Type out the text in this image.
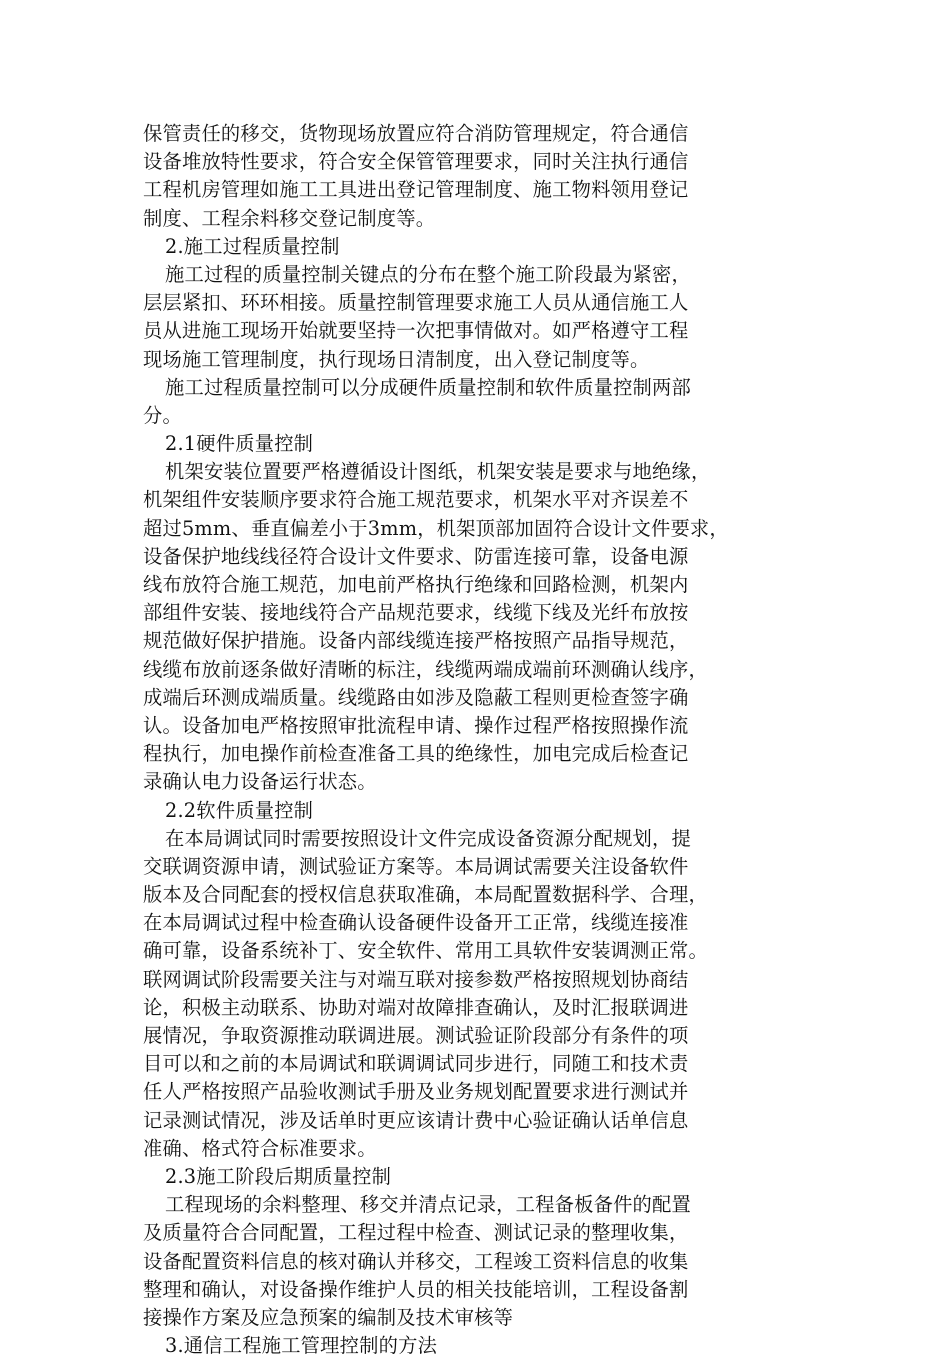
保管责任的移交，货物现场放置应符合消防管理规定，符合通信
设备堆放特性要求，符合安全保管管理要求，同时关注执行通信
工程机房管理如施工工具进出登记管理制度、施工物料领用登记
制度、工程余料移交登记制度等。
2.施工过程质量控制
施工过程的质量控制关键点的分布在整个施工阶段最为紧密，
层层紧扣、环环相接。质量控制管理要求施工人员从通信施工人
员从进施工现场开始就要坚持一次把事情做对。如严格遵守工程
现场施工管理制度，执行现场日清制度，出入登记制度等。
施工过程质量控制可以分成硬件质量控制和软件质量控制两部
分。
2.1硬件质量控制
机架安装位置要严格遵循设计图纸，机架安装是要求与地绝缘，
机架组件安装顺序要求符合施工规范要求，机架水平对齐误差不
超过5mm、垂直偏差小于3mm，机架顶部加固符合设计文件要求，
设备保护地线线径符合设计文件要求、防雷连接可靠，设备电源
线布放符合施工规范，加电前严格执行绝缘和回路检测，机架内
部组件安装、接地线符合产品规范要求，线缆下线及光纤布放按
规范做好保护措施。设备内部线缆连接严格按照产品指导规范，
线缆布放前逐条做好清晰的标注，线缆两端成端前环测确认线序，
成端后环测成端质量。线缆路由如涉及隐蔽工程则更检查签字确
认。设备加电严格按照审批流程申请、操作过程严格按照操作流
程执行，加电操作前检查准备工具的绝缘性，加电完成后检查记
录确认电力设备运行状态。
2.2软件质量控制
在本局调试同时需要按照设计文件完成设备资源分配规划，提
交联调资源申请，测试验证方案等。本局调试需要关注设备软件
版本及合同配套的授权信息获取准确，本局配置数据科学、合理，
在本局调试过程中检查确认设备硬件设备开工正常，线缆连接准
确可靠，设备系统补丁、安全软件、常用工具软件安装调测正常。
联网调试阶段需要关注与对端互联对接参数严格按照规划协商结
论，积极主动联系、协助对端对故障排查确认，及时汇报联调进
展情况，争取资源推动联调进展。测试验证阶段部分有条件的项
目可以和之前的本局调试和联调调试同步进行，同随工和技术责
任人严格按照产品验收测试手册及业务规划配置要求进行测试并
记录测试情况，涉及话单时更应该请计费中心验证确认话单信息
准确、格式符合标准要求。
2.3施工阶段后期质量控制
工程现场的余料整理、移交并清点记录，工程备板备件的配置
及质量符合合同配置，工程过程中检查、测试记录的整理收集，
设备配置资料信息的核对确认并移交，工程竣工资料信息的收集
整理和确认，对设备操作维护人员的相关技能培训，工程设备割
接操作方案及应急预案的编制及技术审核等
3.通信工程施工管理控制的方法
